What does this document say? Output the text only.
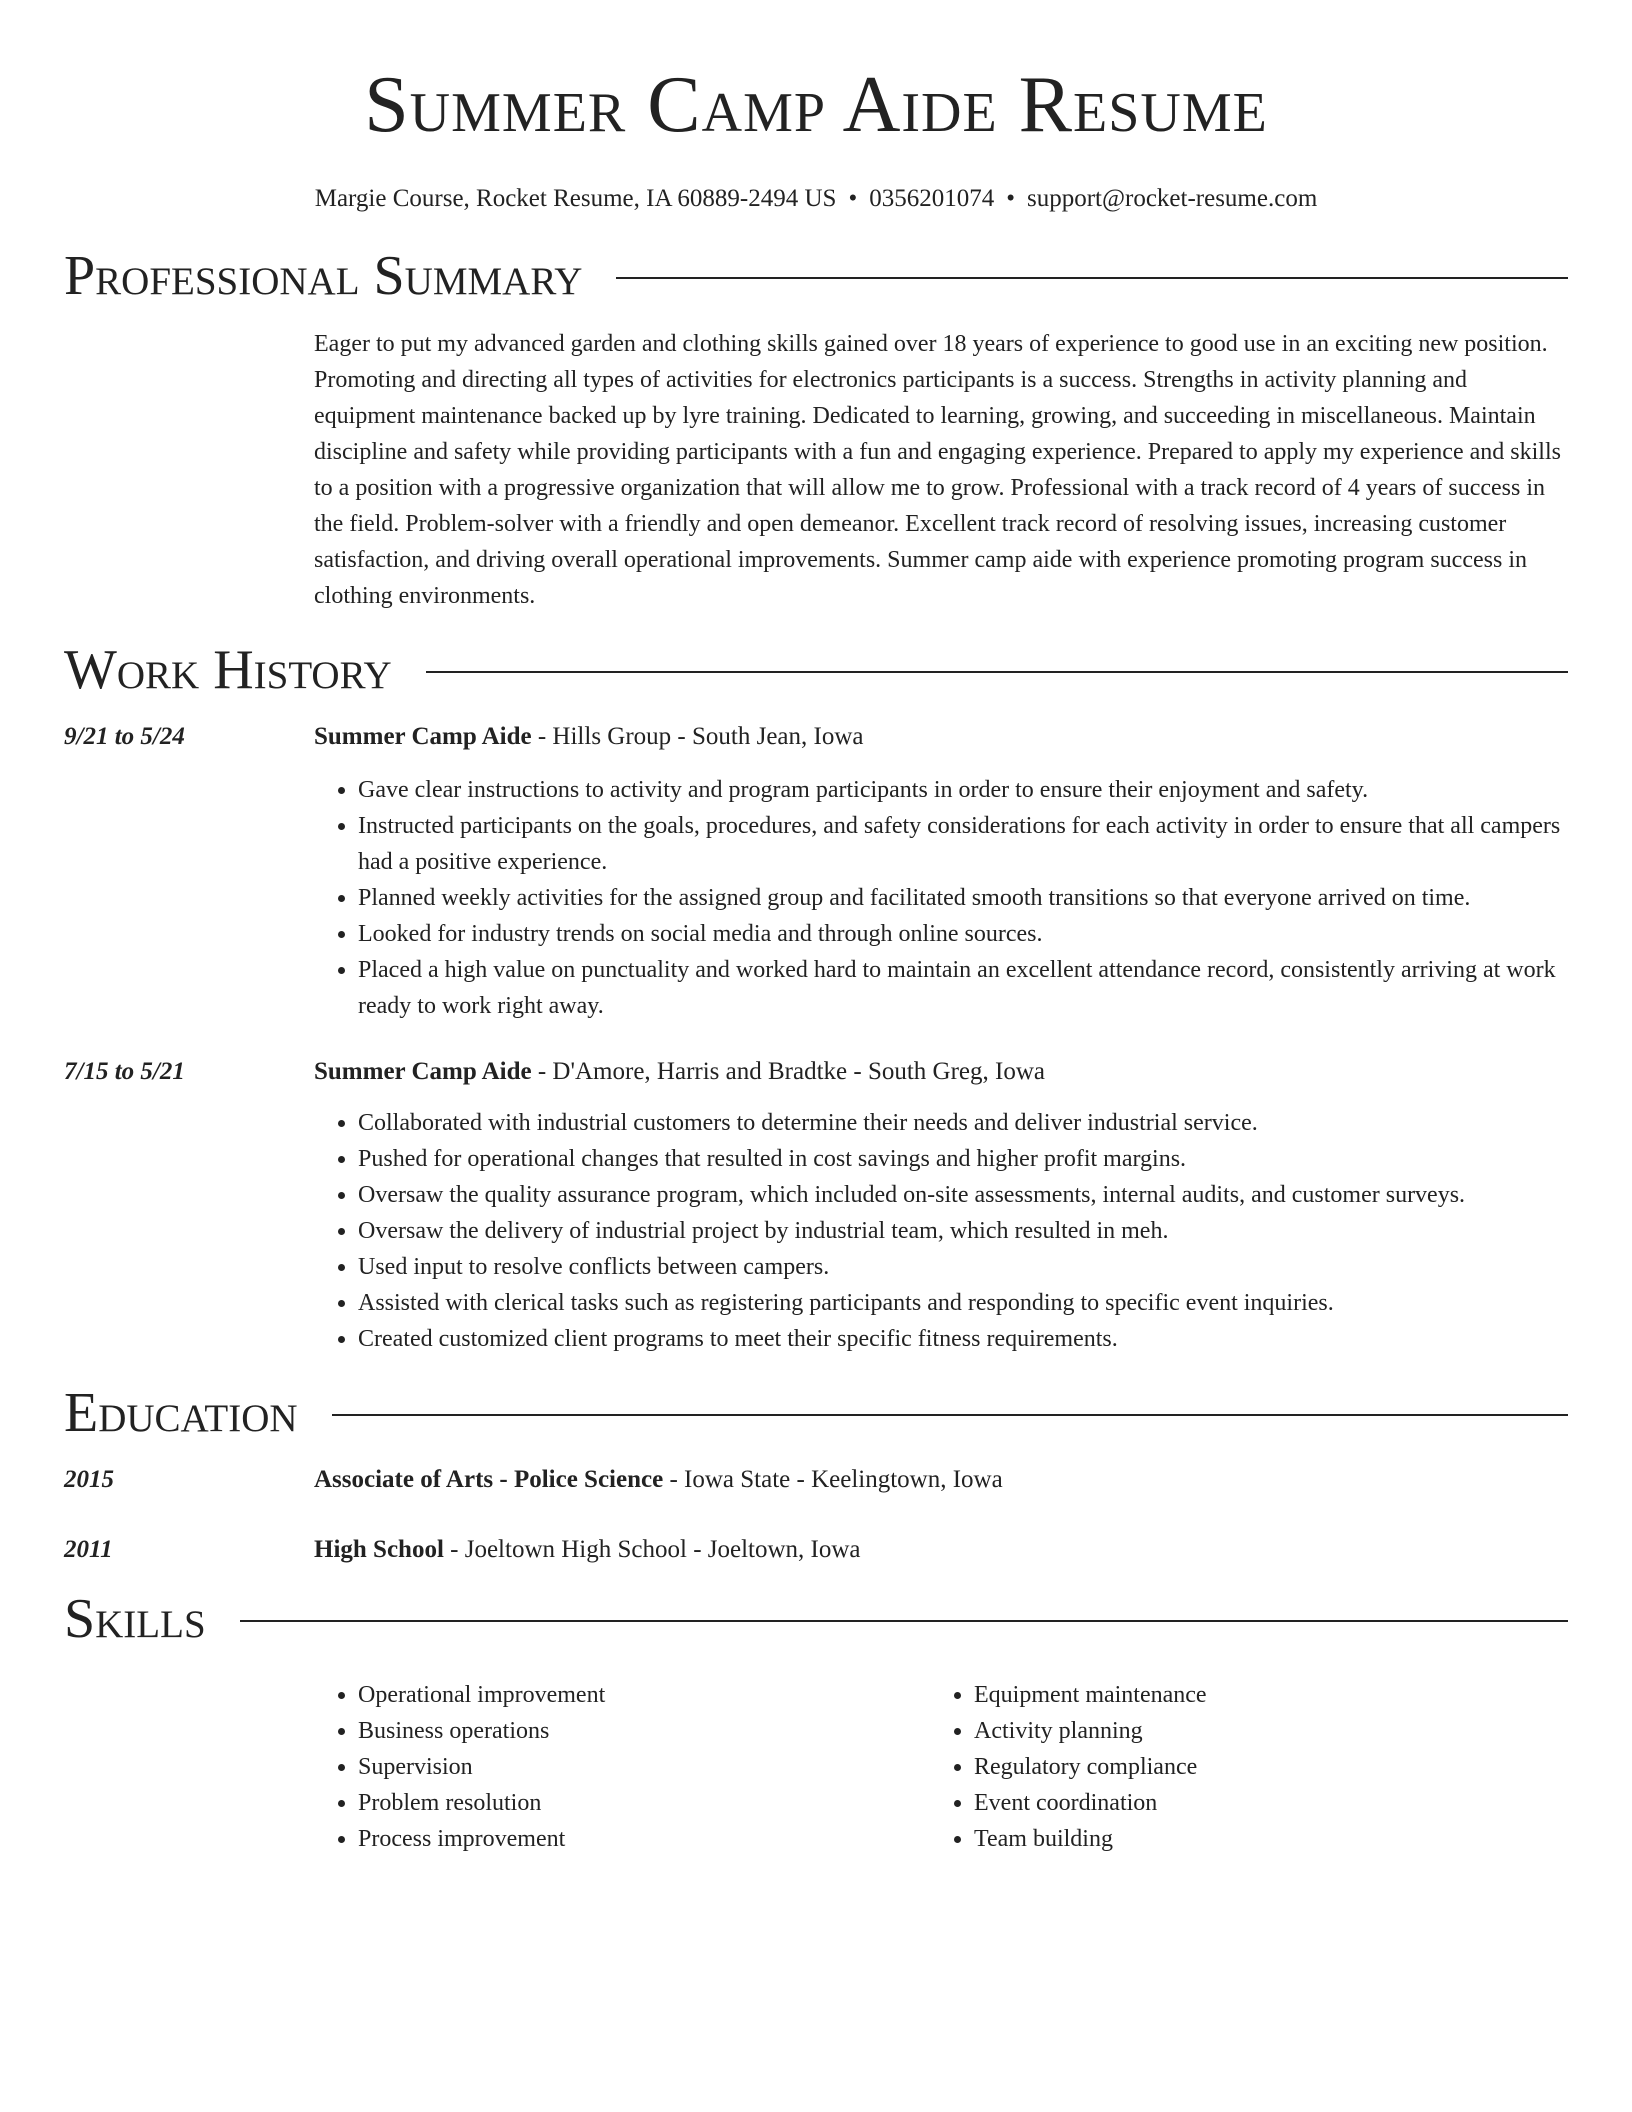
Summer Camp Aide Resume
Margie Course, Rocket Resume, IA 60889-2494 US • 0356201074 • support@rocket-resume.com
Professional Summary

Eager to put my advanced garden and clothing skills gained over 18 years of experience to good use in an exciting new position. Promoting and directing all types of activities for electronics participants is a success. Strengths in activity planning and equipment maintenance backed up by lyre training. Dedicated to learning, growing, and succeeding in miscellaneous. Maintain discipline and safety while providing participants with a fun and engaging experience. Prepared to apply my experience and skills to a position with a progressive organization that will allow me to grow. Professional with a track record of 4 years of success in the field. Problem-solver with a friendly and open demeanor. Excellent track record of resolving issues, increasing customer satisfaction, and driving overall operational improvements. Summer camp aide with experience promoting program success in clothing environments.

Work History
9/21 to 5/24	Summer Camp Aide - Hills Group - South Jean, Iowa
• Gave clear instructions to activity and program participants in order to ensure their enjoyment and safety.
• Instructed participants on the goals, procedures, and safety considerations for each activity in order to ensure that all campers had a positive experience.
• Planned weekly activities for the assigned group and facilitated smooth transitions so that everyone arrived on time.
• Looked for industry trends on social media and through online sources.
• Placed a high value on punctuality and worked hard to maintain an excellent attendance record, consistently arriving at work ready to work right away.
7/15 to 5/21	Summer Camp Aide - D'Amore, Harris and Bradtke - South Greg, Iowa
• Collaborated with industrial customers to determine their needs and deliver industrial service.
• Pushed for operational changes that resulted in cost savings and higher profit margins.
• Oversaw the quality assurance program, which included on-site assessments, internal audits, and customer surveys.
• Oversaw the delivery of industrial project by industrial team, which resulted in meh.
• Used input to resolve conflicts between campers.
• Assisted with clerical tasks such as registering participants and responding to specific event inquiries.
• Created customized client programs to meet their specific fitness requirements.
Education
2015	Associate of Arts - Police Science - Iowa State - Keelingtown, Iowa
2011	High School - Joeltown High School - Joeltown, Iowa
Skills
• Operational improvement
• Business operations
• Supervision
• Problem resolution
• Process improvement
• Equipment maintenance
• Activity planning
• Regulatory compliance
• Event coordination
• Team building
